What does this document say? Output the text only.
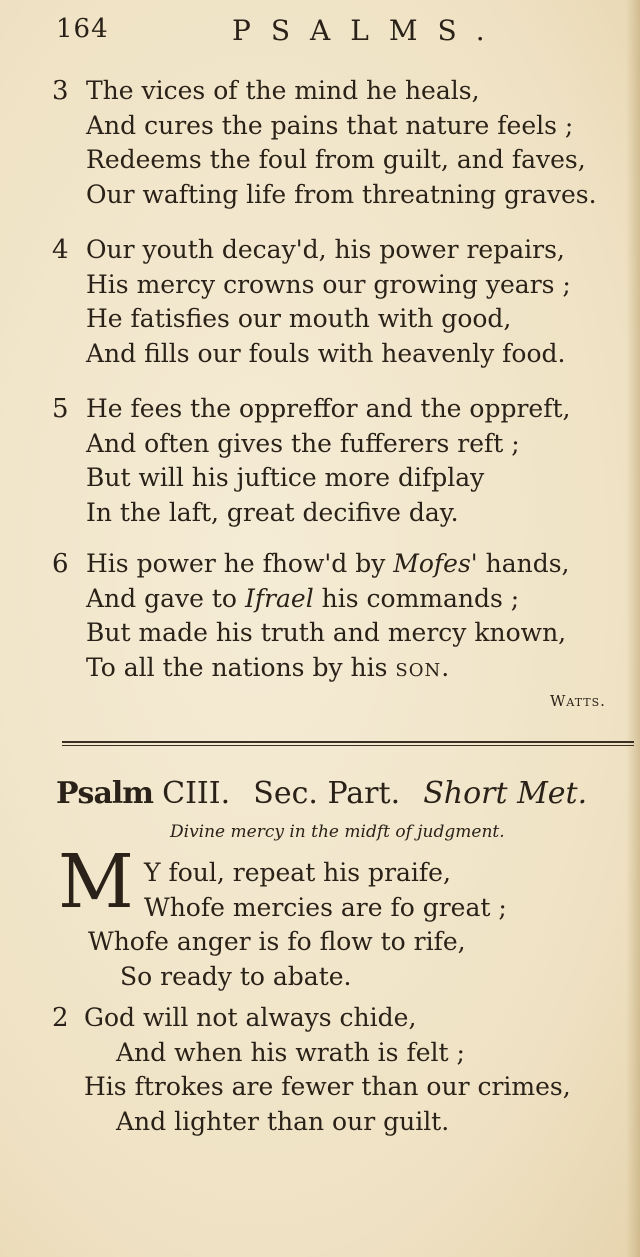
164	PSALMS.
3 The vices of the mind he heals,
And cures the pains that nature feels ;
Redeems the foul from guilt, and faves,
Our wafting life from threatning graves.
4 Our youth decay'd, his power repairs,
His mercy crowns our growing years ;
He fatisfies our mouth with good,
And fills our fouls with heavenly food.
5 He fees the oppreffor and the oppreft,
And often gives the fufferers reft ;
But will his juftice more difplay
In the laft, great decifive day.
6 His power he fhow'd by Mofes' hands,
And gave to Ifrael his commands ;
But made his truth and mercy known,
To all the nations by his son.
Watts.
Psalm CIII. Sec. Part. Short Met.
Divine mercy in the midft of judgment.
M Y foul, repeat his praife,
Whofe mercies are fo great ;
Whofe anger is fo flow to rife,
So ready to abate.
2 God will not always chide,
And when his wrath is felt ;
His ftrokes are fewer than our crimes,
And lighter than our guilt.
